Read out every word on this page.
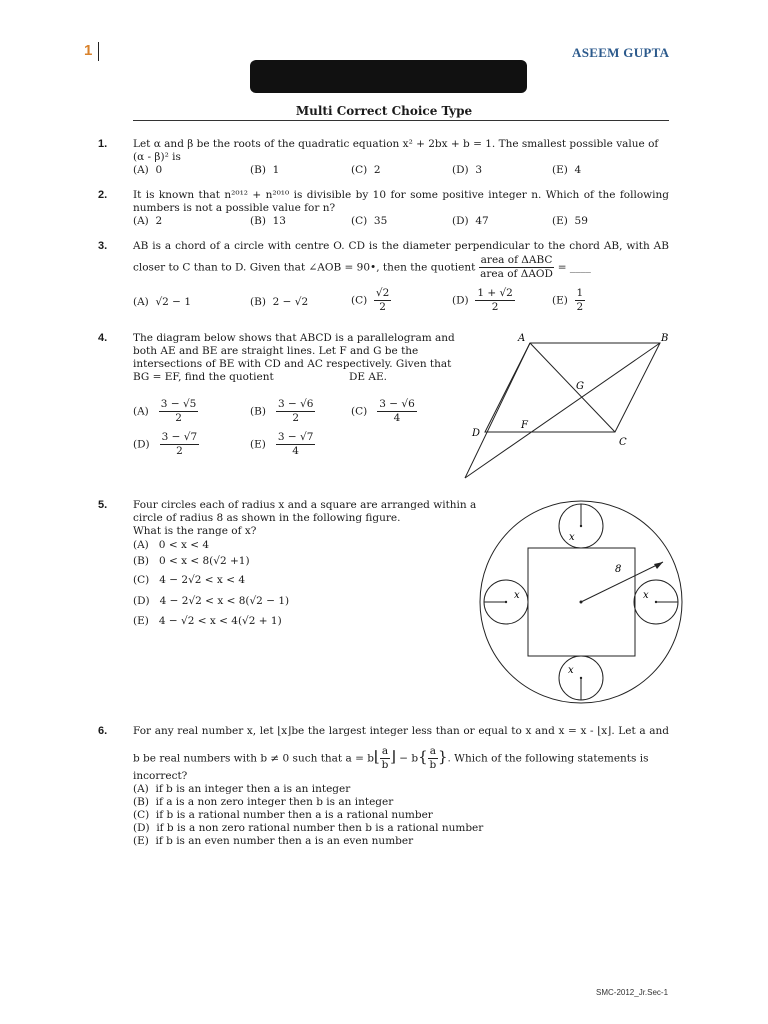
1	ASEEM GUPTA
Multi Correct Choice Type
1. Let α and β be the roots of the quadratic equation x² + 2bx + b = 1. The smallest possible value of
(α - β)² is
(A) 0	(B) 1	(C) 2	(D) 3	(E) 4
2. It is known that n²⁰¹² + n²⁰¹⁰ is divisible by 10 for some positive integer n. Which of the following
numbers is not a possible value for n?
(A) 2	(B) 13	(C) 35	(D) 47	(E) 59
3. AB is a chord of a circle with centre O. CD is the diameter perpendicular to the chord AB, with AB
closer to C than to D. Given that ∠AOB = 90•, then the quotient $\frac{\text{area of ΔABC}}{\text{area of ΔAOD}}$ = ____
(A) √2 − 1	(B) 2 − √2	$(C) \frac{√2}{2}$	$(D) \frac{1 + √2}{2}$	$(E) \frac{1}{2}$
4. The diagram below shows that ABCD is a parallelogram and
both AE and BE are straight lines. Let F and G be the
intersections of BE with CD and AC respectively. Given that
BG = EF, find the quotient	DE AE.
$(A) \frac{3 - √5}{2}$	$(B) \frac{3 - √6}{2}$	$(C) \frac{3 - √6}{4}$
$(D) \frac{3 - √7}{2}$	$(E) \frac{3 - √7}{4}$
A	B
C
D
F
G
5. Four circles each of radius x and a square are arranged within a
circle of radius 8 as shown in the following figure.
What is the range of x?
(A) 0 < x < 4
(B) 0 < x < 8(√2 +1)
(C) 4 − 2√2 < x < 4
(D) 4 − 2√2 < x < 8(√2 − 1)
(E) 4 − √2 < x < 4(√2 + 1)
x
x
x	x
8
6. For any real number x, let ⌊x⌋be the largest integer less than or equal to x and x = x - ⌊x⌋. Let a and
b be real numbers with b ≠ 0 such that a = b⌊ $\frac{a}{b}$ ⌋ − $b\{ \frac{a}{b}$ }. Which of the following statements is
incorrect?
(A) if b is an integer then a is an integer
(B) if a is a non zero integer then b is an integer
(C) if b is a rational number then a is a rational number
(D) if b is a non zero rational number then b is a rational number
(E) if b is an even number then a is an even number
SMC-2012_Jr.Sec-1
